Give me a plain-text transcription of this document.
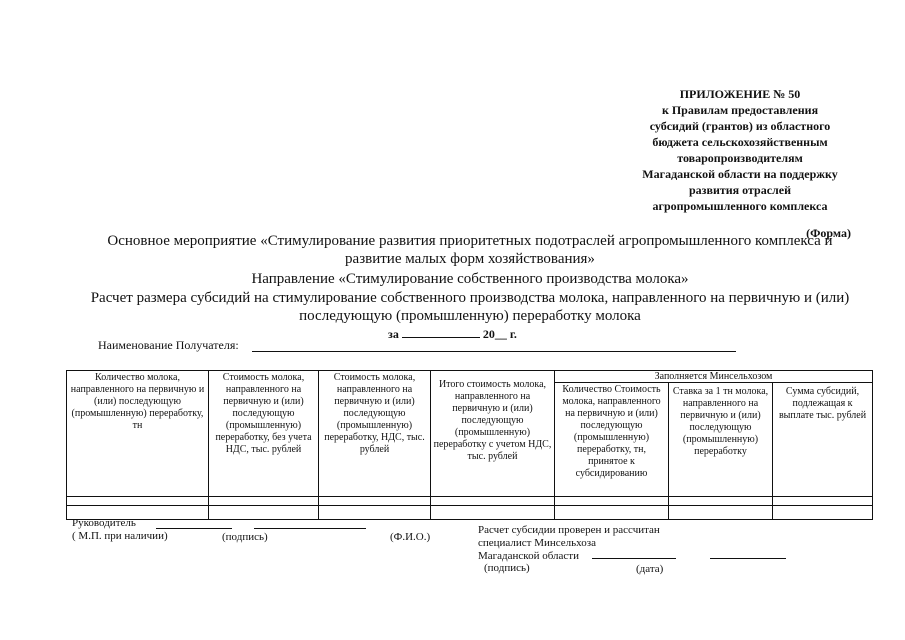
ПРИЛОЖЕНИЕ № 50
к Правилам предоставления
субсидий (грантов) из областного
бюджета сельскохозяйственным
товаропроизводителям
Магаданской области на поддержку
развития отраслей
агропромышленного комплекса
(Форма)
Основное мероприятие «Стимулирование развития приоритетных подотраслей агропромышленного комплекса и
развитие малых форм хозяйствования»
Направление «Стимулирование собственного производства молока»
Расчет размера субсидий на стимулирование собственного производства молока, направленного на первичную и (или)
последующую (промышленную) переработку молока
за	20__ г.
Наименование Получателя:
Количество молока, направленного на первичную и (или) последующую (промышленную) переработку, тн	Стоимость молока, направленного на первичную и (или) последующую (промышленную) переработку, без учета НДС, тыс. рублей	Стоимость молока, направленного на первичную и (или) последующую (промышленную) переработку, НДС, тыс. рублей	Итого стоимость молока, направленного на первичную и (или) последующую (промышленную) переработку с учетом НДС, тыс. рублей	Заполняется Минсельхозом		
				Количество Стоимость молока, направленного на первичную и (или) последующую (промышленную) переработку, тн, принятое к субсидированию	Ставка за 1 тн молока, направленного на первичную и (или) последующую (промышленную) переработку	Сумма субсидий, подлежащая к выплате тыс. рублей

Руководитель
( М.П. при наличии)	(подпись)	(Ф.И.О.)
Расчет субсидии проверен и рассчитан
специалист Минсельхоза
Магаданской области
(подпись)	(дата)
